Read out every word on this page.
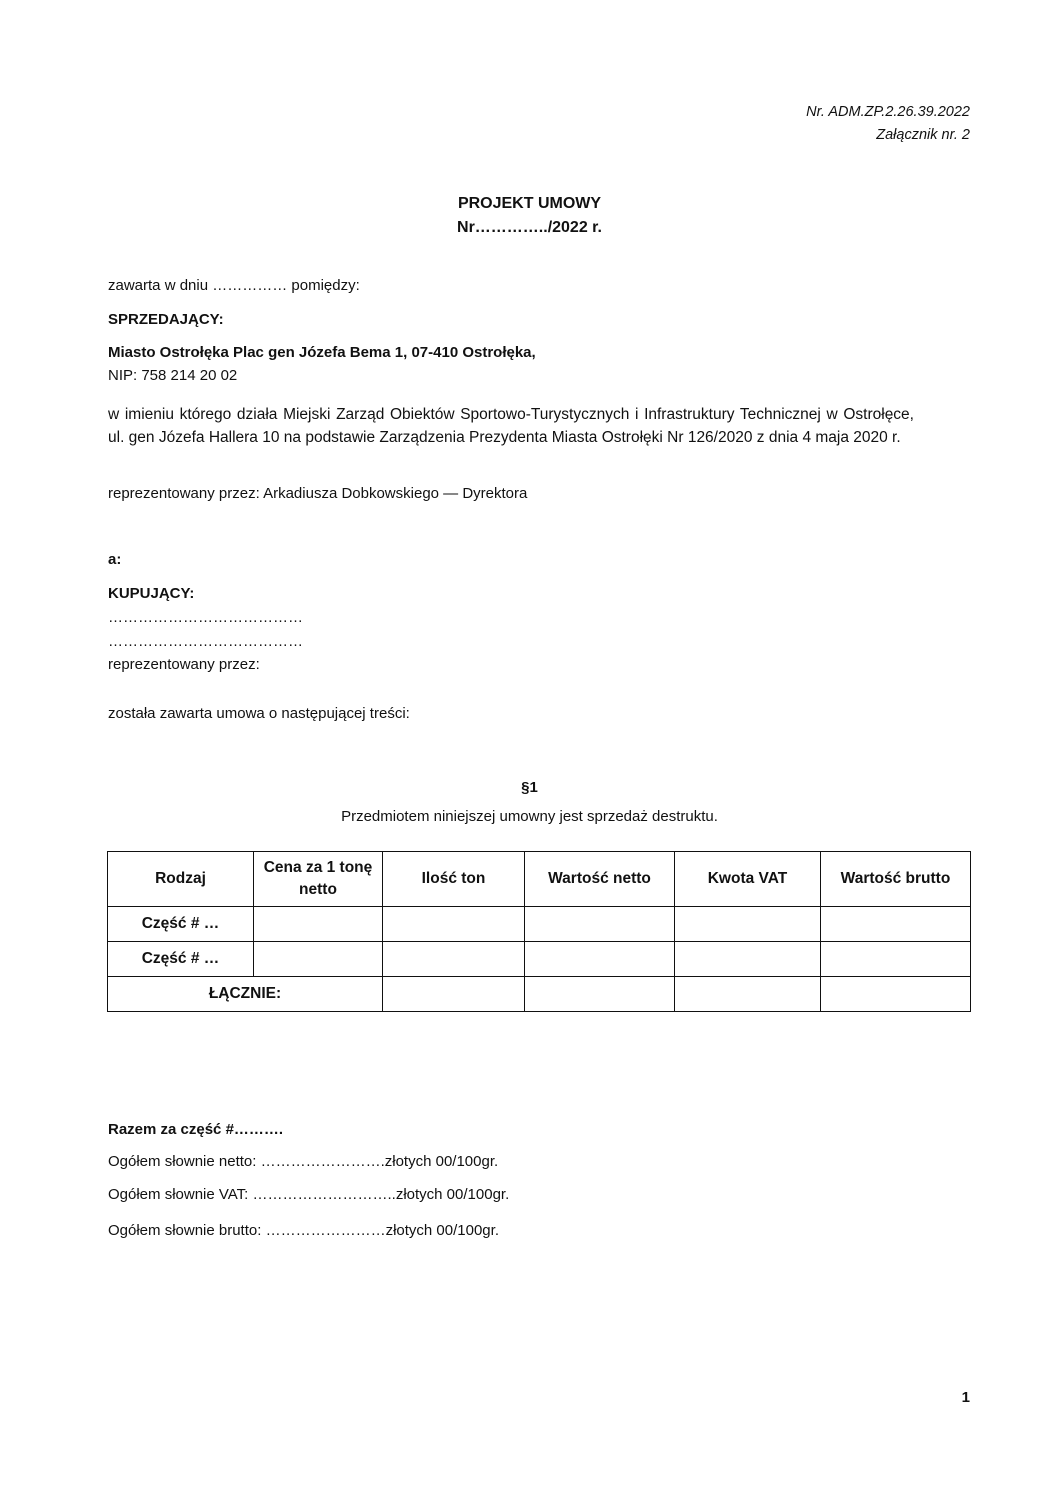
Nr. ADM.ZP.2.26.39.2022
Załącznik nr. 2
PROJEKT UMOWY
Nr…………../2022 r.
zawarta w dniu …………… pomiędzy:
SPRZEDAJĄCY:
Miasto Ostrołęka Plac gen Józefa Bema 1, 07-410 Ostrołęka,
NIP: 758 214 20 02
w imieniu którego działa Miejski Zarząd Obiektów Sportowo-Turystycznych i Infrastruktury Technicznej w Ostrołęce, ul. gen Józefa Hallera 10 na podstawie Zarządzenia Prezydenta Miasta Ostrołęki Nr 126/2020 z dnia 4 maja 2020 r.
reprezentowany przez: Arkadiusza Dobkowskiego — Dyrektora
a:
KUPUJĄCY:
…………………………………
…………………………………
reprezentowany przez:
została zawarta umowa o następującej treści:
§1
Przedmiotem niniejszej umowny jest sprzedaż destruktu.
Rodzaj	Cena za 1 tonę netto	Ilość ton	Wartość netto	Kwota VAT	Wartość brutto
Część # …					
Część # …					
ŁĄCZNIE:					
Razem za część #……….
Ogółem słownie netto: …………………….złotych 00/100gr.
Ogółem słownie VAT: ………………………..złotych 00/100gr.
Ogółem słownie brutto: ……………………złotych 00/100gr.
1
